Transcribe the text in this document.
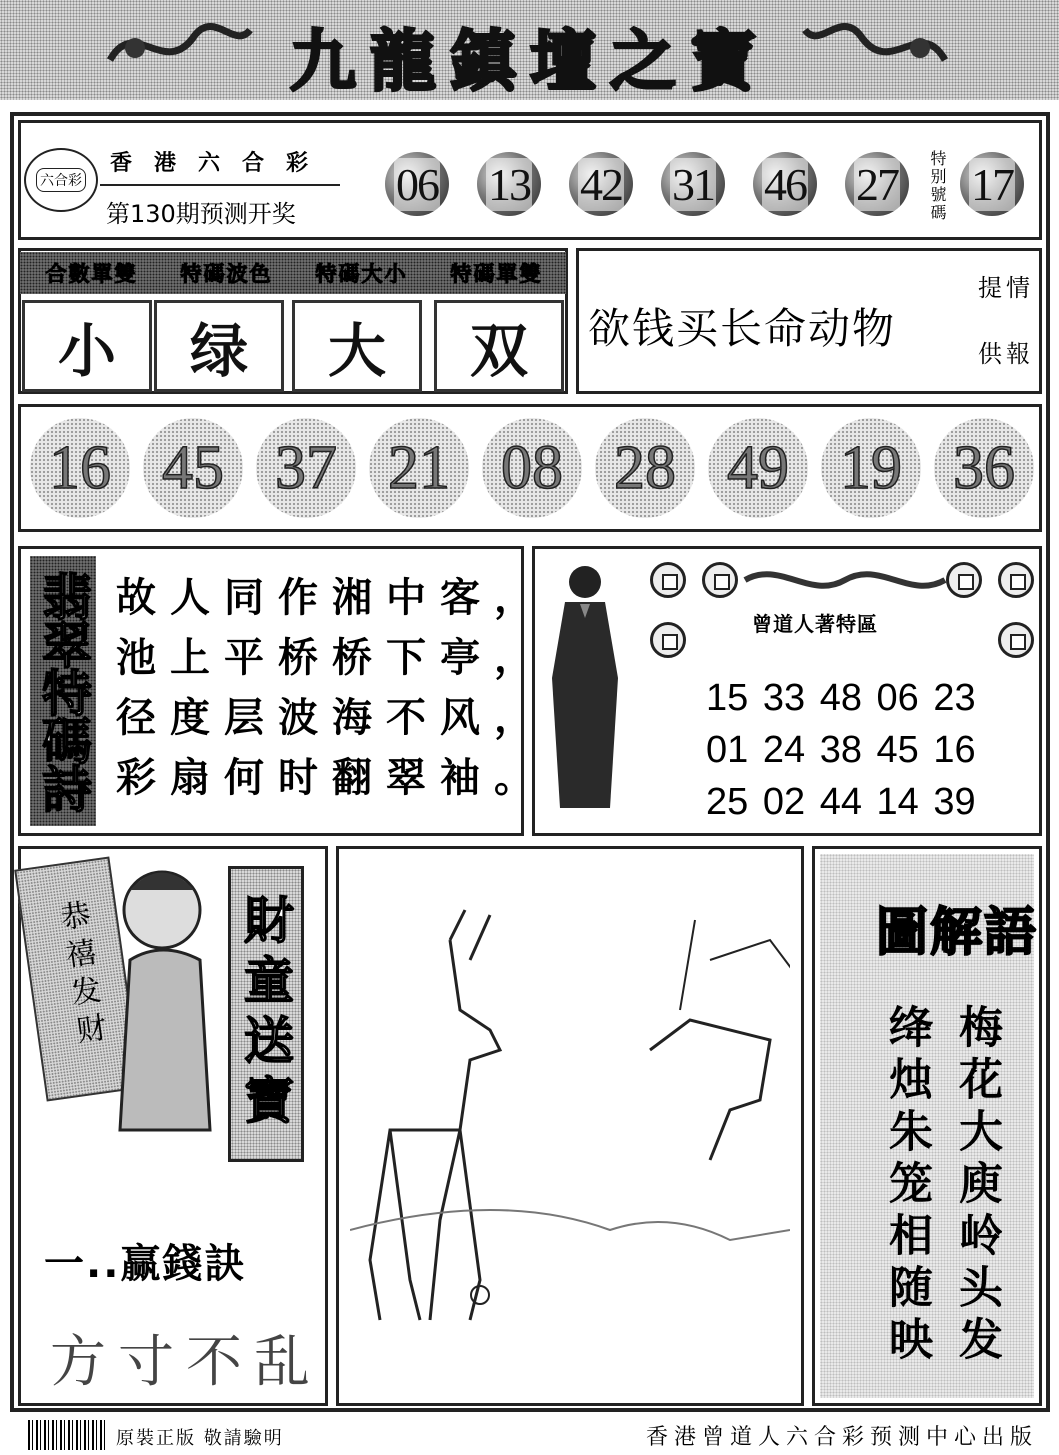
九龍鎮壇之寶
六合彩
香港六合彩
第130期预测开奖
06 13 42 31 46 27 特别號碼 17
合數單雙 特碼波色 特碼大小 特碼單雙
小	绿	大	双	欲钱买长命动物
提情
供報
16 45 37 21 08 28 49 19 36
翡翠特碼詩 故人同作湘中客，
池上平桥桥下亭，
径度层波海不风，
彩扇何时翻翠袖。
曾道人著特區
15 33 48 06 23
01 24 38 45 16
25 02 44 14 39
恭禧发财	財童送寶
一..赢錢訣
方寸不乱
圖解語
梅花大庾岭头发
绛烛朱笼相随映
原裝正版 敬請驗明	香港曾道人六合彩预测中心出版
